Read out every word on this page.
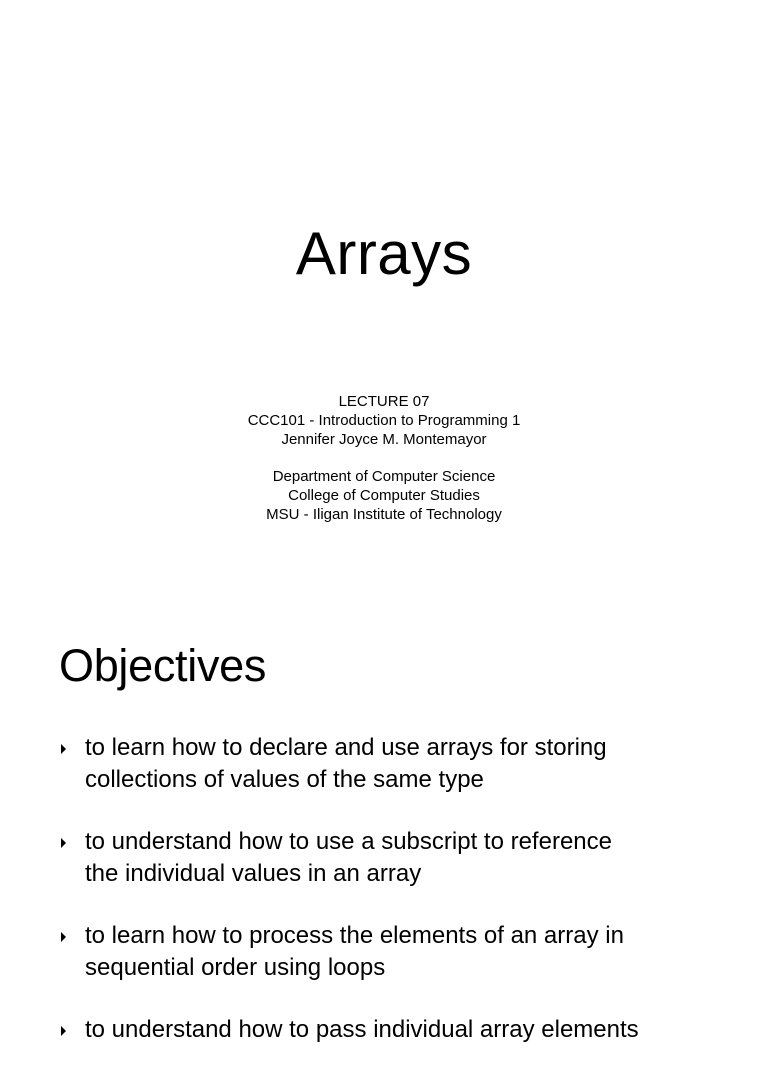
Arrays
LECTURE 07
CCC101 - Introduction to Programming 1
Jennifer Joyce M. Montemayor
Department of Computer Science
College of Computer Studies
MSU - Iligan Institute of Technology
Objectives
to learn how to declare and use arrays for storing
collections of values of the same type
to understand how to use a subscript to reference
the individual values in an array
to learn how to process the elements of an array in
sequential order using loops
to understand how to pass individual array elements
